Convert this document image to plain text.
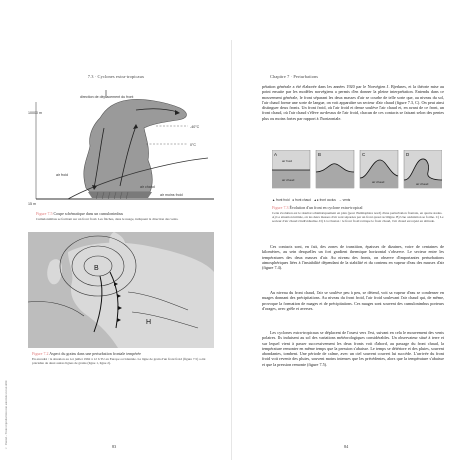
7.3 · Cyclones extra-tropicaux
© Dunod – Toute reproduction non autorisée est un délit
direction de déplacement du front
10000 m
15 m
-40°C
0°C
air froid
air chaud
air moins froid
Figure 7.5 Coupe schématique dans un cumulonimbus
Cumulonimbus se formant sur un front froid. Les flèches, dans le nuage, indiquent la direction des vents.
B
H
Figure 7.2 Aspect du grains dans une perturbation frontale tempérée
En encadré : la situation au 1er juillet 1962 à 12 h TU en Europe occidentale. La ligne de grain d'un front froid (figure 7.5) a été précédée de deux autres lignes de grains (ligne 1, ligne 2).
83
Chapitre 7 · Perturbations
pétation générale a été élaborée dans les années 1920 par le Norvégien J. Bjerknes, et la théorie mise au point ensuite par les modèles norvégiens a permis d'en donner la pleine interprétation. Entendu dans ce mouvement générale, le front séparant les deux masses d'air se courbe de telle sorte que, au niveau du sol, l'air chaud forme une sorte de langue, on voit apparaître un secteur d'air chaud (figure 7.3, C). On peut ainsi distinguer deux fronts. Un front froid, où l'air froid et dense soulève l'air chaud et, en avant de ce front, un front chaud, où l'air chaud s'élève au-dessus de l'air froid, chacun de ces contacts se faisant selon des pentes plus ou moins fortes par rapport à l'horizontale.
A
air froid
air chaud
B	C
air chaud
D
air chaud
▲ front froid ● front chaud ▲● front occlus → vents
Figure 7.3 Évolution d'un front en cyclone extra-tropical
Cette évolution est le résultat schématiquement en plan (pour l'hémisphère nord) d'une perturbation frontale, en quatre stades. A) La situation initiale, où les deux masses d'air sont séparées par un front quasi rectiligne. B) Une ondulation se forme. C) Le secteur d'air chaud s'individualise. D) L'occlusion : le front froid rattrape le front chaud, l'air chaud est rejeté en altitude.
Ces contacts sont, en fait, des zones de transition, épaisses de dizaines, voire de centaines de kilomètres, au sein desquelles un fort gradient thermique horizontal s'observe. Le secteur entre les températures des deux masses d'air. Au niveau des fronts, on observe d'importantes perturbations atmosphériques liées à l'instabilité dépendant de la stabilité et du contenu en vapeur d'eau des masses d'air (figure 7.4).
Au niveau du front chaud, l'air se soulève peu à peu, se détend, voit sa vapeur d'eau se condenser en nuages donnant des précipitations. Au niveau du front froid, l'air froid soulevant l'air chaud qui, de même, provoque la formation de nuages et de précipitations. Ces nuages sont souvent des cumulonimbus porteurs d'orages, avec grêle et averses.
Les cyclones extra-tropicaux se déplacent de l'ouest vers l'est, suivant en cela le mouvement des vents polaires. Ils induisent au sol des variations météorologiques considérables. Un observateur situé à terre et sur lequel vient à passer successivement les deux fronts voit d'abord, au passage du front chaud, la température remonter en même temps que la pression s'abaisse. Le temps se détériore et des pluies, souvent abondantes, tombent. Une période de calme, avec un ciel souvent couvert lui succède. L'arrivée du front froid voit revenir des pluies, souvent moins intenses que les précédentes, alors que la température s'abaisse et que la pression remonte (figure 7.5).
84
